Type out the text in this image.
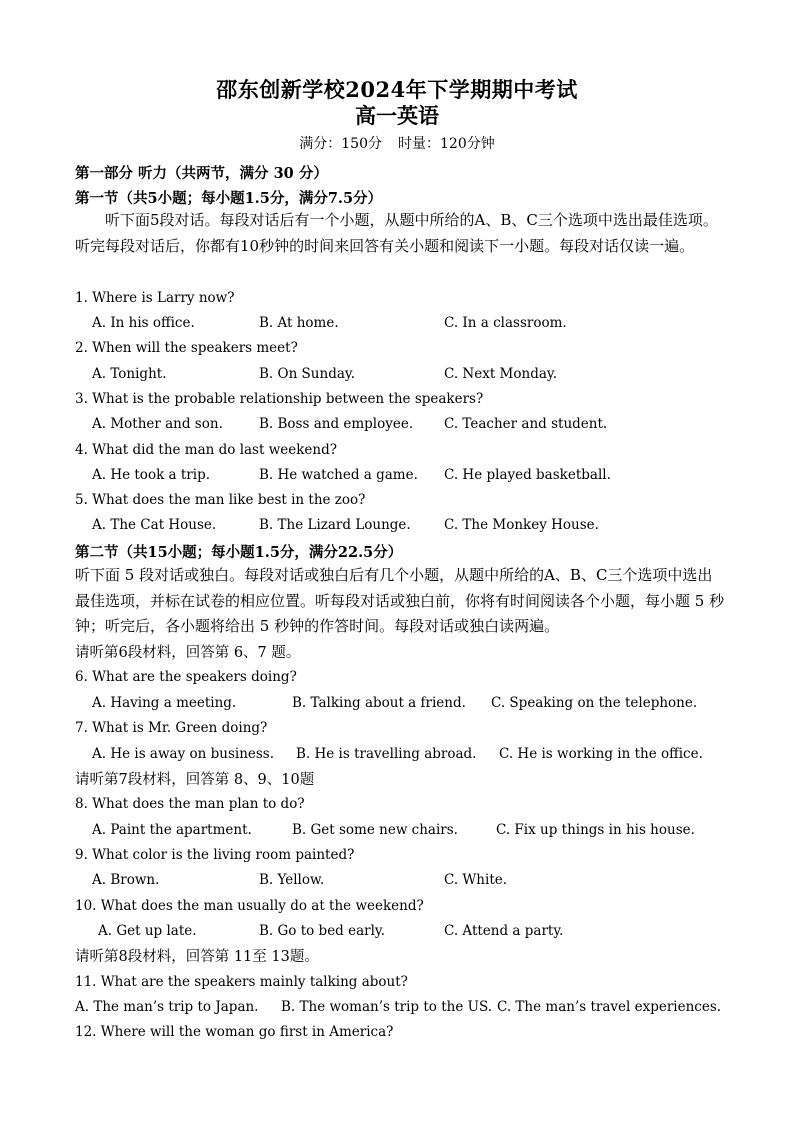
邵东创新学校2024年下学期期中考试
高一英语
满分：150分 时量：120分钟
第一部分 听力（共两节，满分 30 分）
第一节（共5小题；每小题1.5分，满分7.5分）
听下面5段对话。每段对话后有一个小题，从题中所给的A、B、C三个选项中选出最佳选项。听完每段对话后，你都有10秒钟的时间来回答有关小题和阅读下一小题。每段对话仅读一遍。
1. Where is Larry now?
A. In his office.	B. At home.	C. In a classroom.
2. When will the speakers meet?
A. Tonight.	B. On Sunday.	C. Next Monday.
3. What is the probable relationship between the speakers?
A. Mother and son.	B. Boss and employee. C. Teacher and student.
4. What did the man do last weekend?
A. He took a trip.	B. He watched a game. C. He played basketball.
5. What does the man like best in the zoo?
A. The Cat House.	B. The Lizard Lounge. C. The Monkey House.
第二节（共15小题；每小题1.5分，满分22.5分）
听下面 5 段对话或独白。每段对话或独白后有几个小题，从题中所给的A、B、C三个选项中选出最佳选项，并标在试卷的相应位置。听每段对话或独白前，你将有时间阅读各个小题，每小题 5 秒钟；听完后，各小题将给出 5 秒钟的作答时间。每段对话或独白读两遍。
请听第6段材料，回答第 6、7 题。
6. What are the speakers doing?
A. Having a meeting.	B. Talking about a friend. C. Speaking on the telephone.
7. What is Mr. Green doing?
A. He is away on business. B. He is travelling abroad. C. He is working in the office.
请听第7段材料，回答第 8、9、10题
8. What does the man plan to do?
A. Paint the apartment.	B. Get some new chairs.	C. Fix up things in his house.
9. What color is the living room painted?
A. Brown.	B. Yellow.	C. White.
10. What does the man usually do at the weekend?
A. Get up late.	B. Go to bed early.	C. Attend a party.
请听第8段材料，回答第 11至 13题。
11. What are the speakers mainly talking about?
A. The man’s trip to Japan. B. The woman’s trip to the US. C. The man’s travel experiences.
12. Where will the woman go first in America?
